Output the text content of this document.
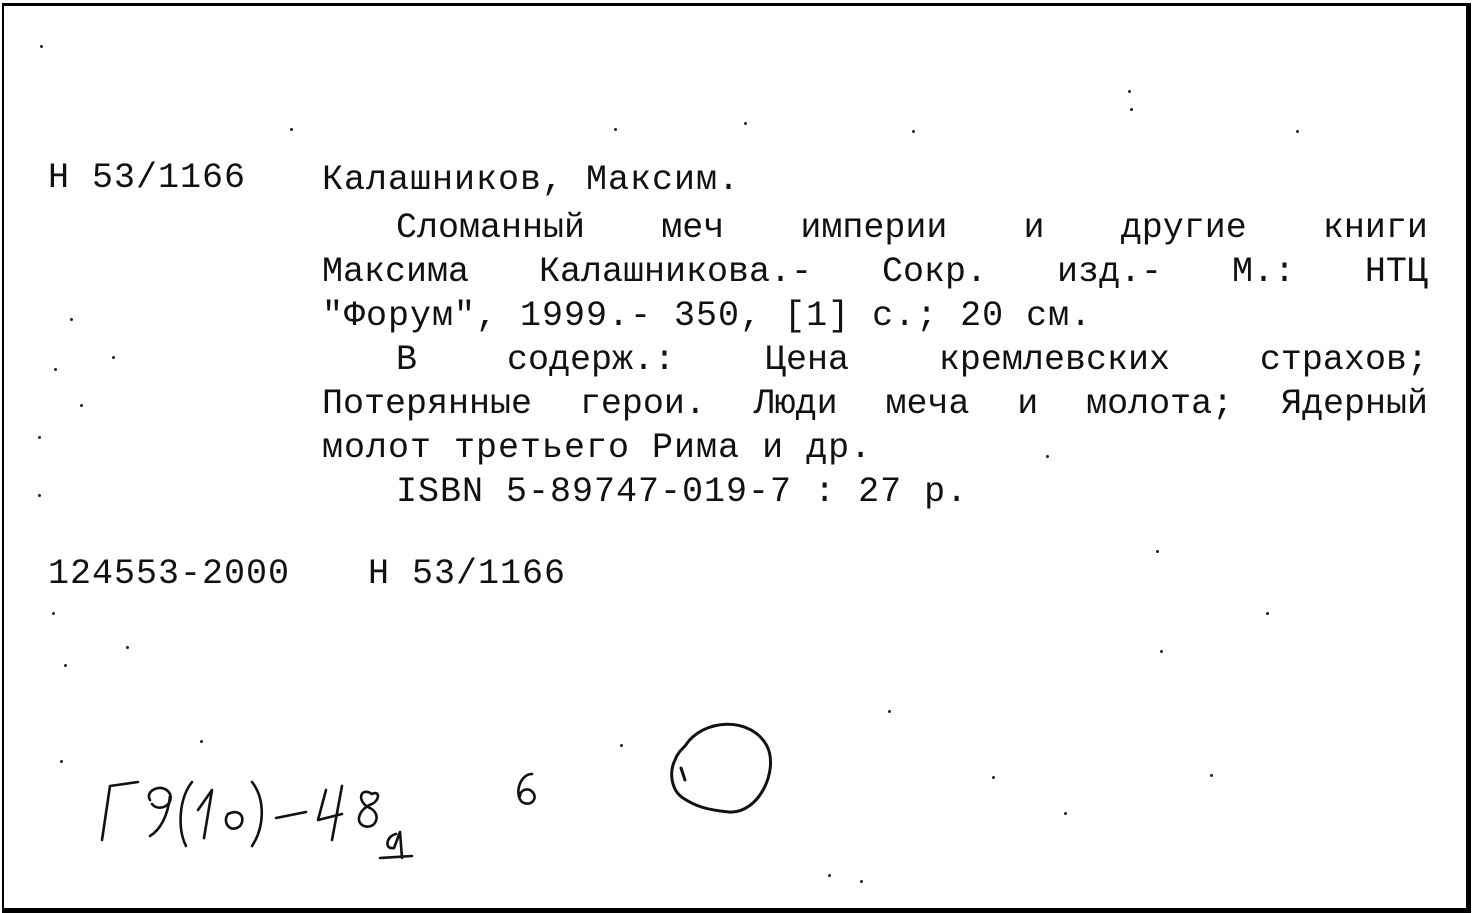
Н 53/1166 Калашников, Максим.
Сломанный меч империи и другие книги
Максима Калашникова.- Сокр. изд.- М.: НТЦ
"Форум", 1999.- 350, [1] с.; 20 см.
В	содерж.:	Цена	кремлевских	страхов;
Потерянные герои. Люди меча и молота; Ядерный
молот третьего Рима и др.
ISBN 5-89747-019-7 : 27 р.
124553-2000 Н 53/1166
